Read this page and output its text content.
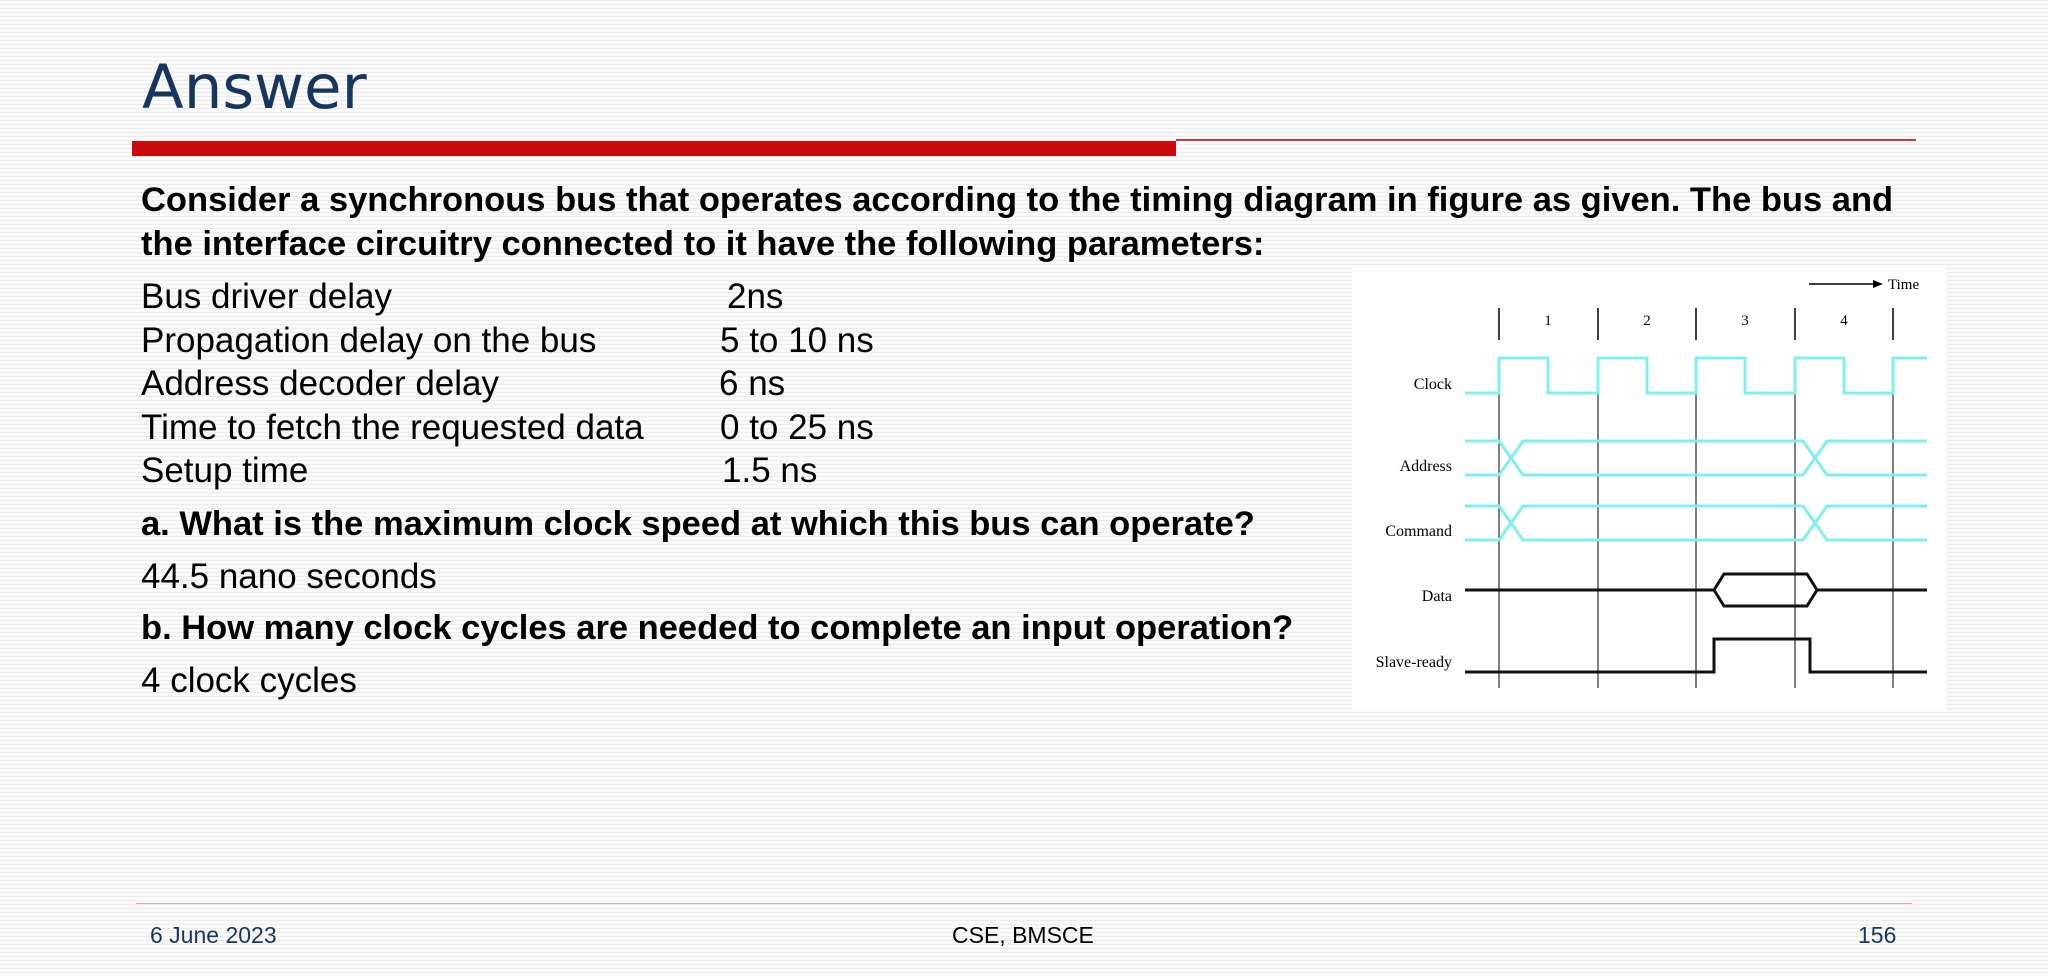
Answer

Consider a synchronous bus that operates according to the timing diagram in figure as given. The bus and the interface circuitry connected to it have the following parameters:

Bus driver delay	2ns
Propagation delay on the bus	5 to 10 ns
Address decoder delay	6 ns
Time to fetch the requested data 0 to 25 ns
Setup time	1.5 ns

a. What is the maximum clock speed at which this bus can operate?

44.5 nano seconds

b. How many clock cycles are needed to complete an input operation?

4 clock cycles

Time
1	2	3	4
Clock
Address
Command
Data
Slave-ready
6 June 2023	CSE, BMSCE	156
